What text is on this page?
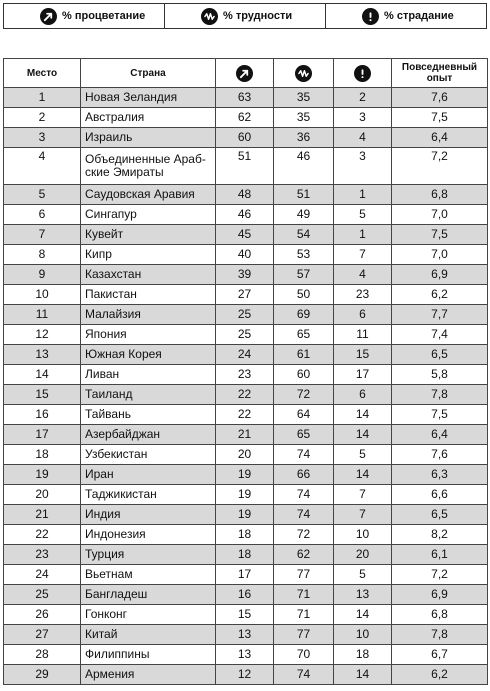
% процветание	% трудности	% страдание
Место	Страна				Повседневный опыт
1	Новая Зеландия	63	35	2	7,6
2	Австралия	62	35	3	7,5
3	Израиль	60	36	4	6,4
4	Объединенные Араб-
ские Эмираты	51	46	3	7,2
5	Саудовская Аравия	48	51	1	6,8
6	Сингапур	46	49	5	7,0
7	Кувейт	45	54	1	7,5
8	Кипр	40	53	7	7,0
9	Казахстан	39	57	4	6,9
10	Пакистан	27	50	23	6,2
11	Малайзия	25	69	6	7,7
12	Япония	25	65	11	7,4
13	Южная Корея	24	61	15	6,5
14	Ливан	23	60	17	5,8
15	Таиланд	22	72	6	7,8
16	Тайвань	22	64	14	7,5
17	Азербайджан	21	65	14	6,4
18	Узбекистан	20	74	5	7,6
19	Иран	19	66	14	6,3
20	Таджикистан	19	74	7	6,6
21	Индия	19	74	7	6,5
22	Индонезия	18	72	10	8,2
23	Турция	18	62	20	6,1
24	Вьетнам	17	77	5	7,2
25	Бангладеш	16	71	13	6,9
26	Гонконг	15	71	14	6,8
27	Китай	13	77	10	7,8
28	Филиппины	13	70	18	6,7
29	Армения	12	74	14	6,2
